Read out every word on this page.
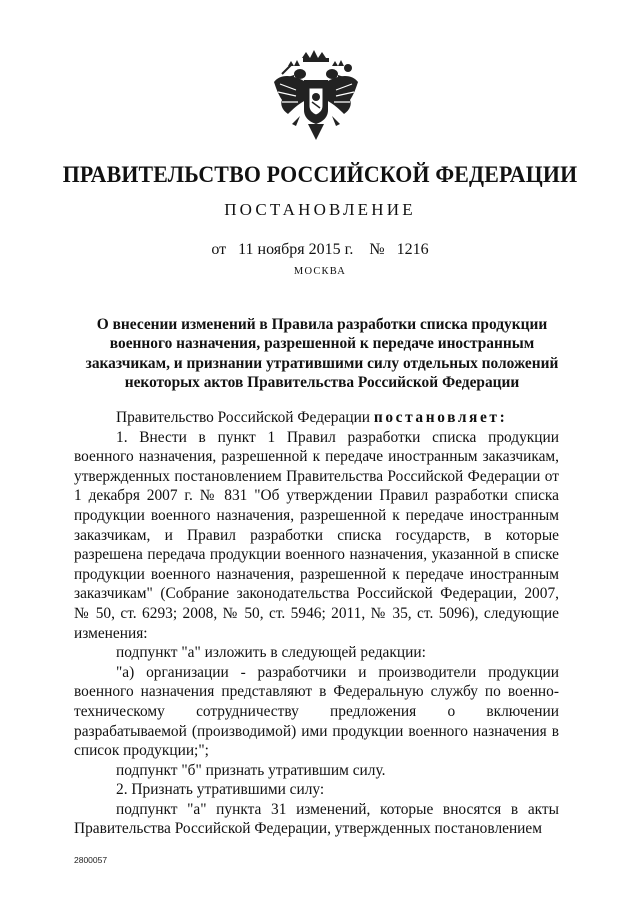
ПРАВИТЕЛЬСТВО РОССИЙСКОЙ ФЕДЕРАЦИИ
ПОСТАНОВЛЕНИЕ
от 11 ноября 2015 г. № 1216
МОСКВА
О внесении изменений в Правила разработки списка продукции военного назначения, разрешенной к передаче иностранным заказчикам, и признании утратившими силу отдельных положений некоторых актов Правительства Российской Федерации

Правительство Российской Федерации постановляет:

1. Внести в пункт 1 Правил разработки списка продукции военного назначения, разрешенной к передаче иностранным заказчикам, утвержденных постановлением Правительства Российской Федерации от 1 декабря 2007 г. № 831 "Об утверждении Правил разработки списка продукции военного назначения, разрешенной к передаче иностранным заказчикам, и Правил разработки списка государств, в которые разрешена передача продукции военного назначения, указанной в списке продукции военного назначения, разрешенной к передаче иностранным заказчикам" (Собрание законодательства Российской Федерации, 2007, № 50, ст. 6293; 2008, № 50, ст. 5946; 2011, № 35, ст. 5096), следующие изменения:

подпункт "а" изложить в следующей редакции:

"а) организации - разработчики и производители продукции военного назначения представляют в Федеральную службу по военно-техническому сотрудничеству предложения о включении разрабатываемой (производимой) ими продукции военного назначения в список продукции;";

подпункт "б" признать утратившим силу.

2. Признать утратившими силу:

подпункт "а" пункта 31 изменений, которые вносятся в акты Правительства Российской Федерации, утвержденных постановлением

2800057
